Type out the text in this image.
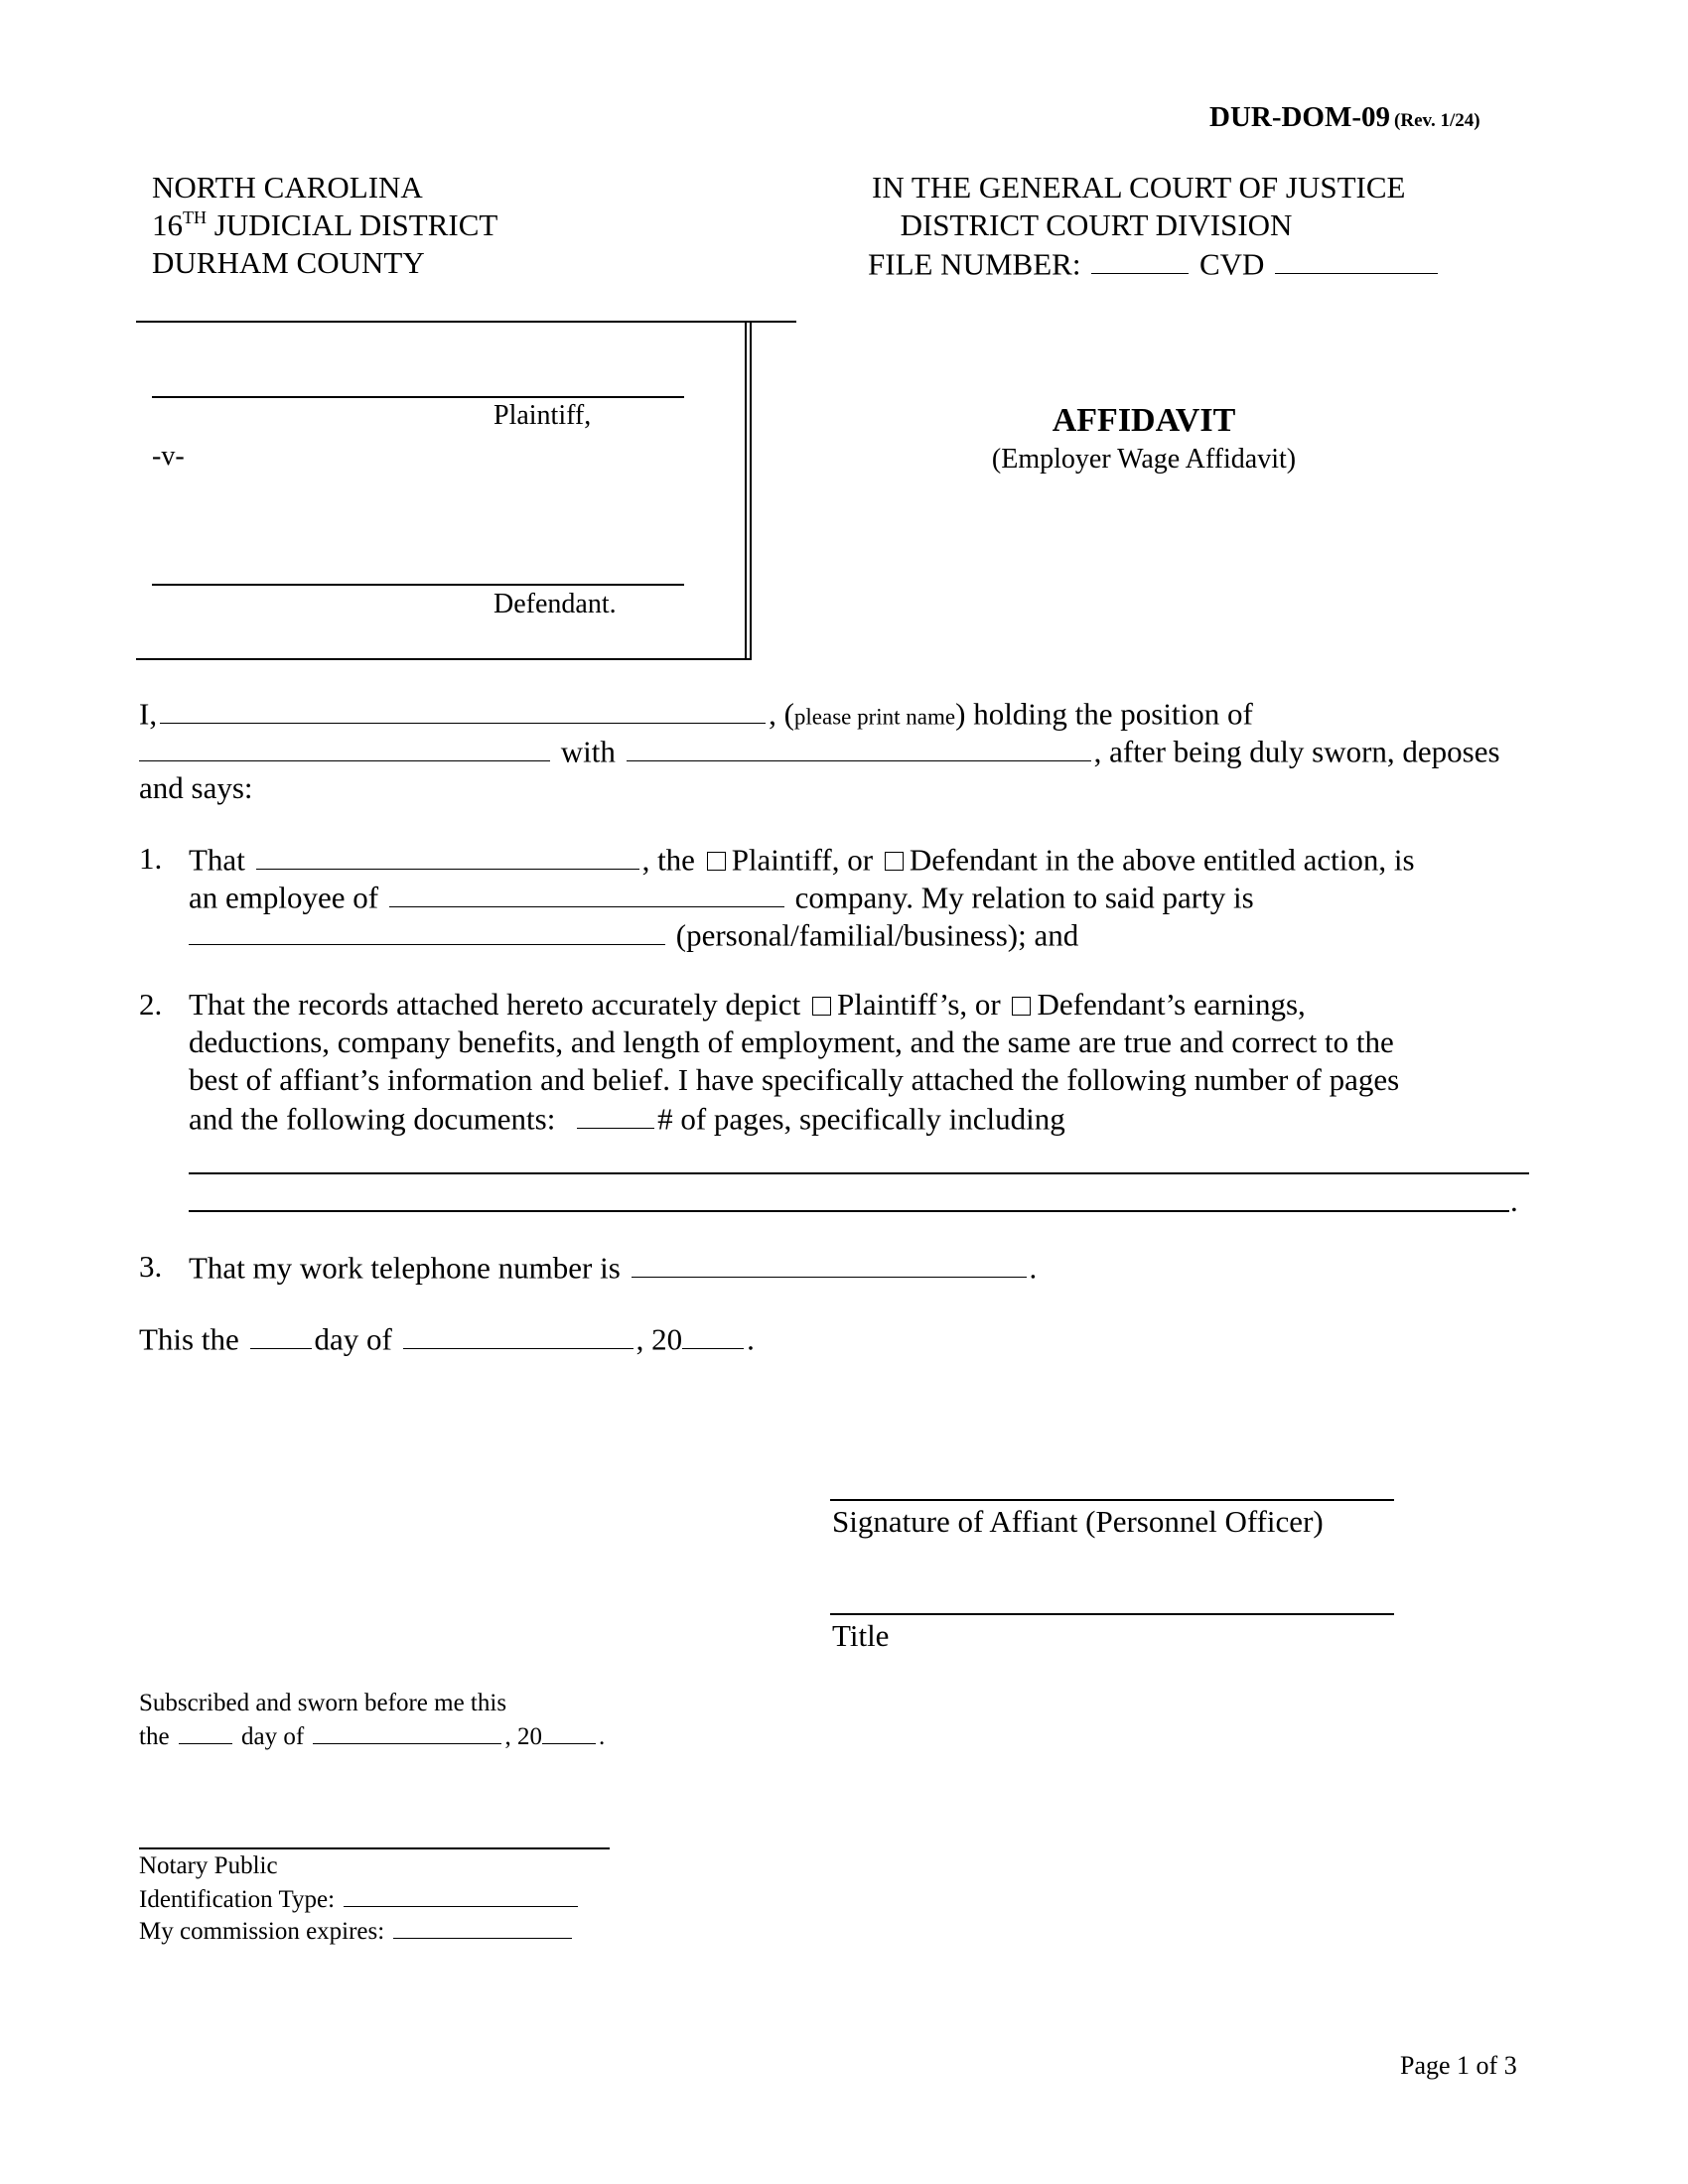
DUR-DOM-09 (Rev. 1/24)
NORTH CAROLINA
16TH JUDICIAL DISTRICT
DURHAM COUNTY
IN THE GENERAL COURT OF JUSTICE
DISTRICT COURT DIVISION
FILE NUMBER:	CVD
Plaintiff,
-v-
Defendant.
AFFIDAVIT
(Employer Wage Affidavit)
I,	, (please print name) holding the position of
with	, after being duly sworn, deposes
and says:
1. That	, the Plaintiff, or Defendant in the above entitled action, is
an employee of	company. My relation to said party is
(personal/familial/business); and
2. That the records attached hereto accurately depict Plaintiff’s, or Defendant’s earnings,
deductions, company benefits, and length of employment, and the same are true and correct to the
best of affiant’s information and belief. I have specifically attached the following number of pages
and the following documents:	# of pages, specifically including
.
3. That my work telephone number is	.
This the day of	, 20 .
Signature of Affiant (Personnel Officer)
Title
Subscribed and sworn before me this
the	day of	, 20 .
Notary Public
Identification Type:
My commission expires:
Page 1 of 3
